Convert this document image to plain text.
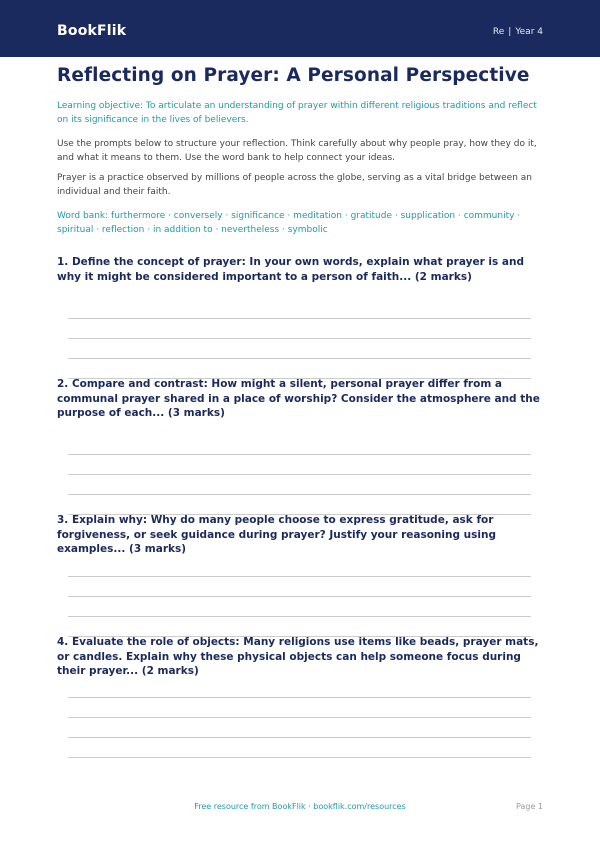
BookFlik	Re | Year 4
Reflecting on Prayer: A Personal Perspective

Learning objective: To articulate an understanding of prayer within different religious traditions and reflect on its significance in the lives of believers.

Use the prompts below to structure your reflection. Think carefully about why people pray, how they do it, and what it means to them. Use the word bank to help connect your ideas.

Prayer is a practice observed by millions of people across the globe, serving as a vital bridge between an individual and their faith.

Word bank: furthermore · conversely · significance · meditation · gratitude · supplication · community · spiritual · reflection · in addition to · nevertheless · symbolic

1. Define the concept of prayer: In your own words, explain what prayer is and why it might be considered important to a person of faith... (2 marks)
2. Compare and contrast: How might a silent, personal prayer differ from a communal prayer shared in a place of worship? Consider the atmosphere and the purpose of each... (3 marks)
3. Explain why: Why do many people choose to express gratitude, ask for forgiveness, or seek guidance during prayer? Justify your reasoning using examples... (3 marks)
4. Evaluate the role of objects: Many religions use items like beads, prayer mats, or candles. Explain why these physical objects can help someone focus during their prayer... (2 marks)
Free resource from BookFlik · bookflik.com/resources	Page 1
